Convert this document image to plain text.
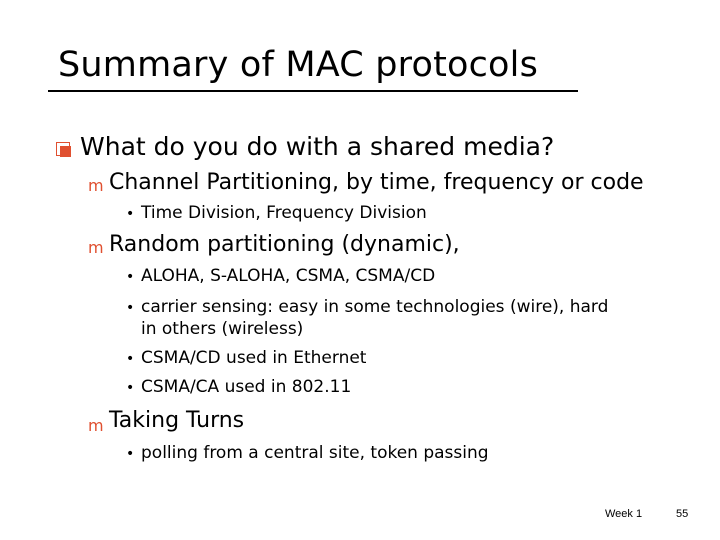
Summary of MAC protocols
What do you do with a shared media?
m Channel Partitioning, by time, frequency or code
• Time Division, Frequency Division
m Random partitioning (dynamic),
• ALOHA, S-ALOHA, CSMA, CSMA/CD
• carrier sensing: easy in some technologies (wire), hard
in others (wireless)
• CSMA/CD used in Ethernet
• CSMA/CA used in 802.11
m Taking Turns
• polling from a central site, token passing
Week 1	55
